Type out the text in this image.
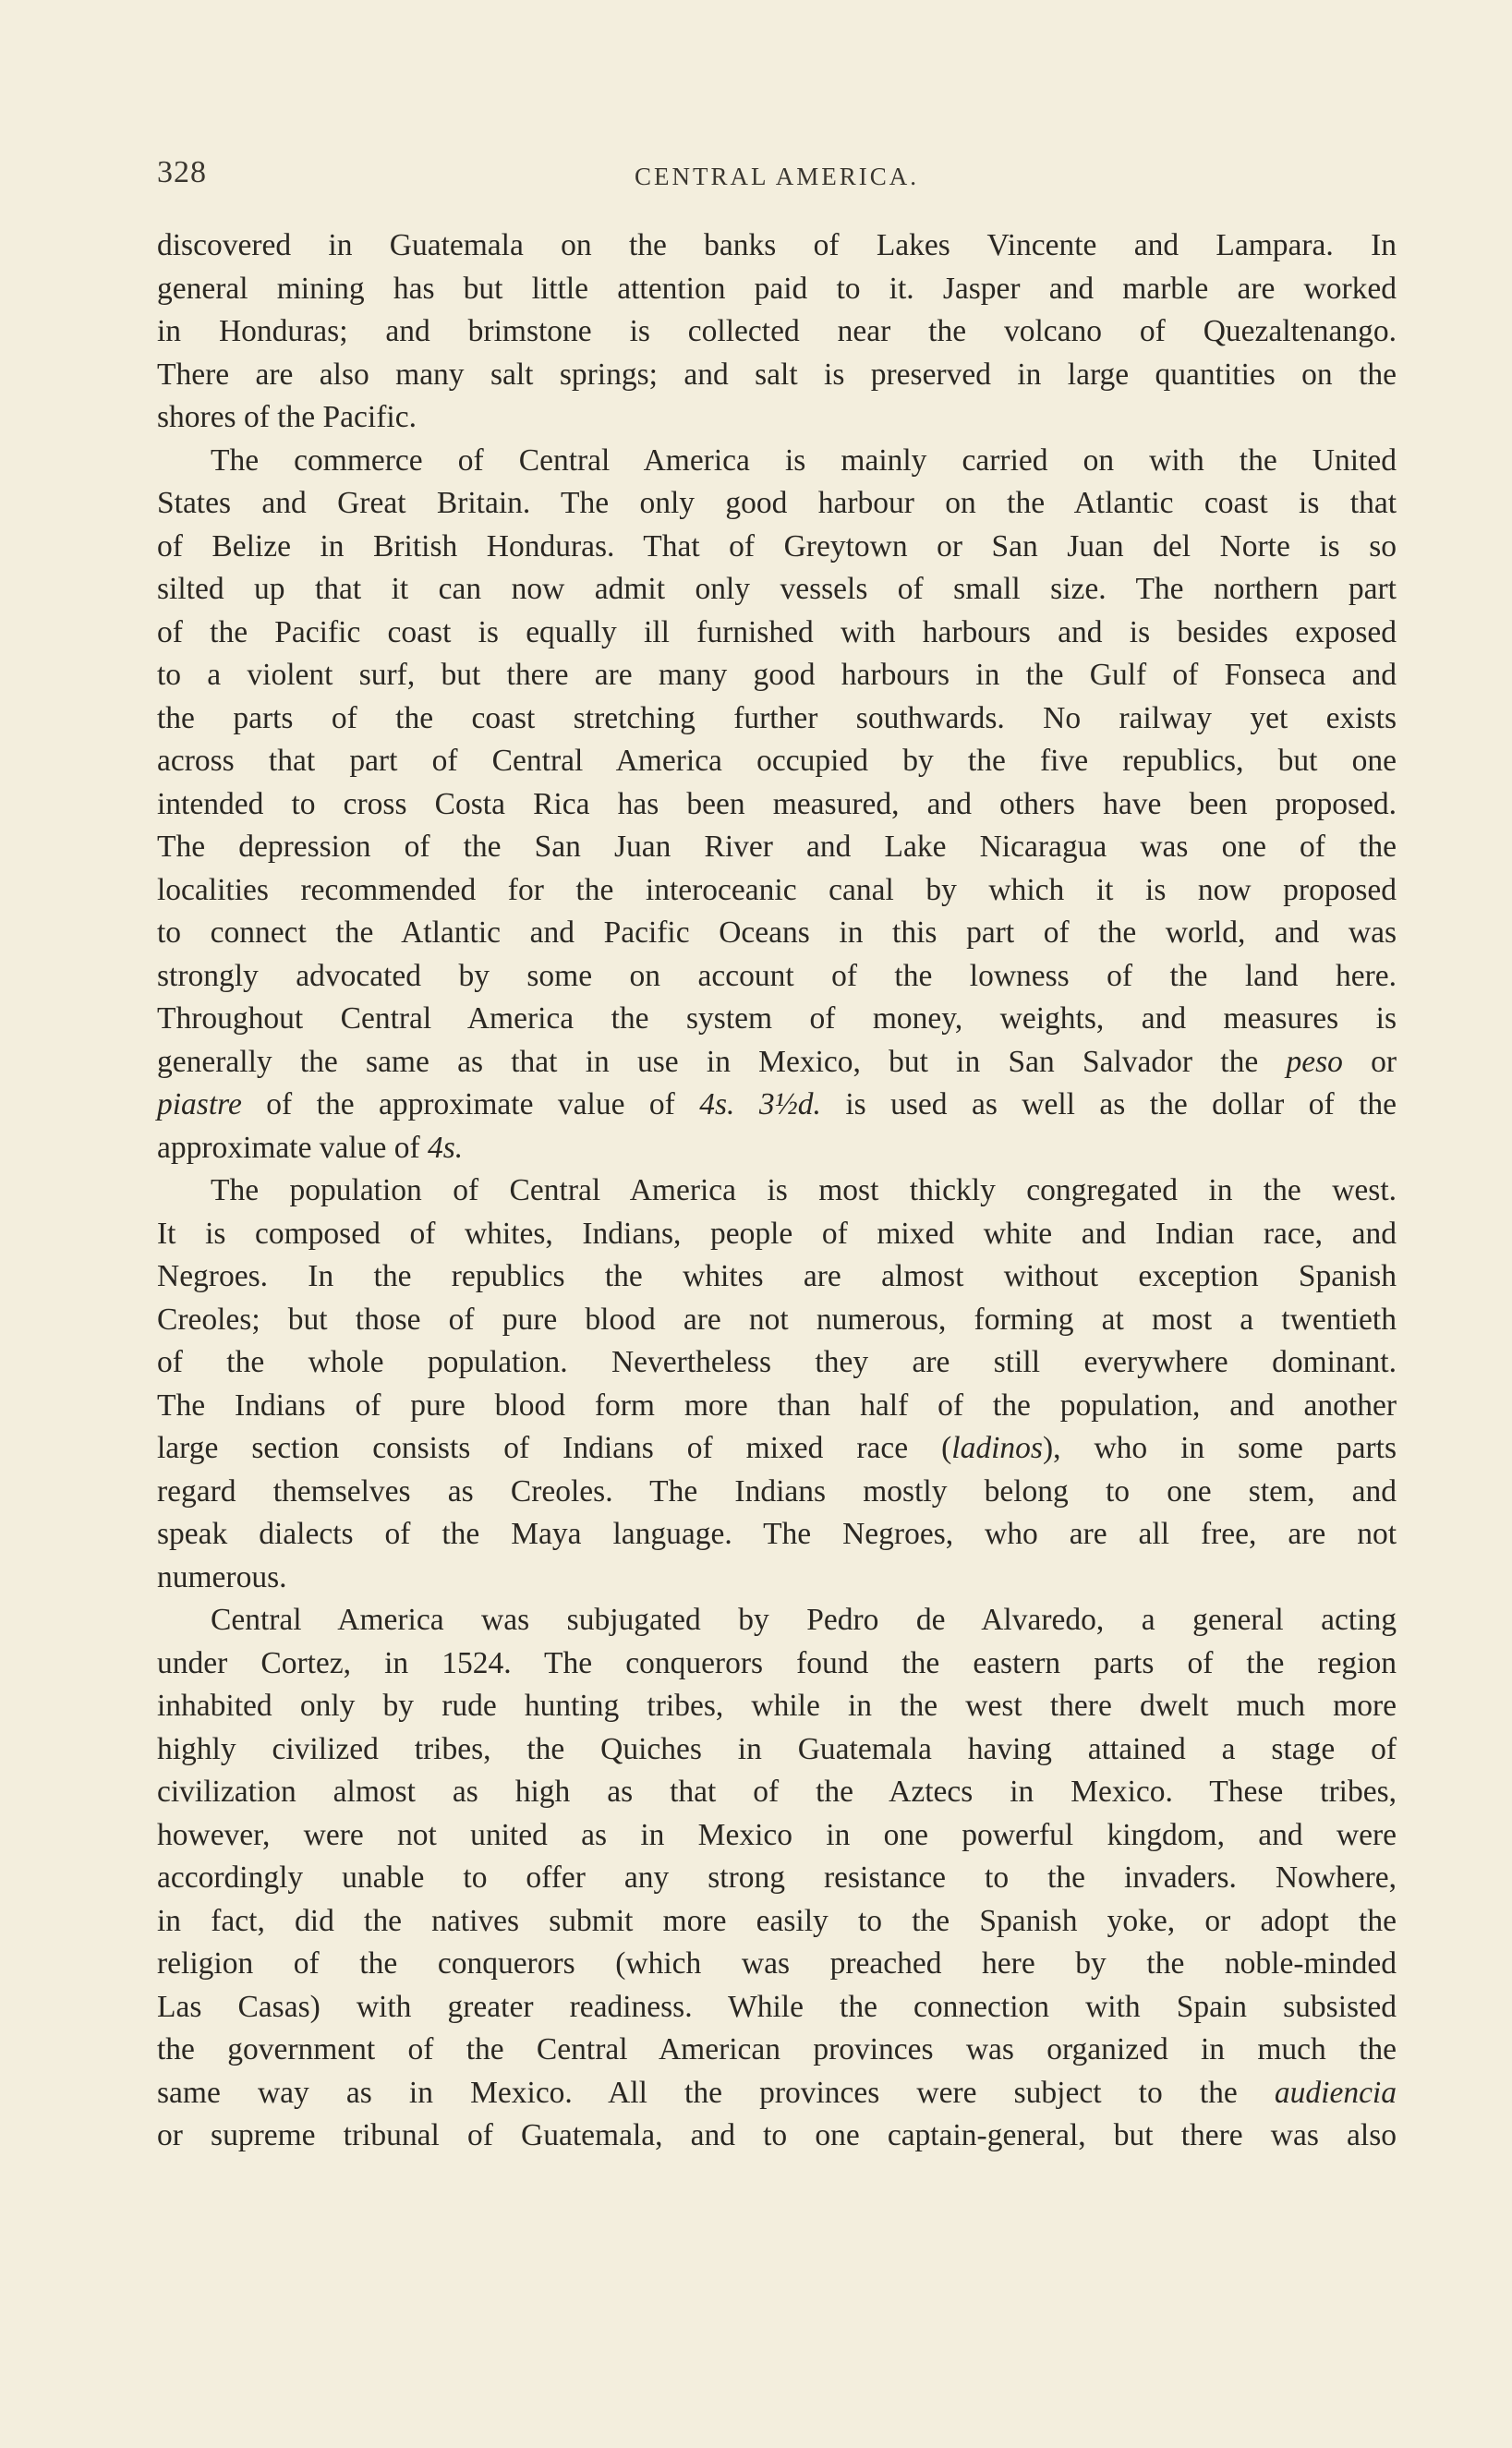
328	CENTRAL AMERICA.
discovered in Guatemala on the banks of Lakes Vincente and Lampara. In
general mining has but little attention paid to it. Jasper and marble are worked
in Honduras; and brimstone is collected near the volcano of Quezaltenango.
There are also many salt springs; and salt is preserved in large quantities on the
shores of the Pacific.
The commerce of Central America is mainly carried on with the United
States and Great Britain. The only good harbour on the Atlantic coast is that
of Belize in British Honduras. That of Greytown or San Juan del Norte is so
silted up that it can now admit only vessels of small size. The northern part
of the Pacific coast is equally ill furnished with harbours and is besides exposed
to a violent surf, but there are many good harbours in the Gulf of Fonseca and
the parts of the coast stretching further southwards. No railway yet exists
across that part of Central America occupied by the five republics, but one
intended to cross Costa Rica has been measured, and others have been proposed.
The depression of the San Juan River and Lake Nicaragua was one of the
localities recommended for the interoceanic canal by which it is now proposed
to connect the Atlantic and Pacific Oceans in this part of the world, and was
strongly advocated by some on account of the lowness of the land here.
Throughout Central America the system of money, weights, and measures is
generally the same as that in use in Mexico, but in San Salvador the peso or
piastre of the approximate value of 4s. 3½d. is used as well as the dollar of the
approximate value of 4s.
The population of Central America is most thickly congregated in the west.
It is composed of whites, Indians, people of mixed white and Indian race, and
Negroes. In the republics the whites are almost without exception Spanish
Creoles; but those of pure blood are not numerous, forming at most a twentieth
of the whole population. Nevertheless they are still everywhere dominant.
The Indians of pure blood form more than half of the population, and another
large section consists of Indians of mixed race (ladinos), who in some parts
regard themselves as Creoles. The Indians mostly belong to one stem, and
speak dialects of the Maya language. The Negroes, who are all free, are not
numerous.
Central America was subjugated by Pedro de Alvaredo, a general acting
under Cortez, in 1524. The conquerors found the eastern parts of the region
inhabited only by rude hunting tribes, while in the west there dwelt much more
highly civilized tribes, the Quiches in Guatemala having attained a stage of
civilization almost as high as that of the Aztecs in Mexico. These tribes,
however, were not united as in Mexico in one powerful kingdom, and were
accordingly unable to offer any strong resistance to the invaders. Nowhere,
in fact, did the natives submit more easily to the Spanish yoke, or adopt the
religion of the conquerors (which was preached here by the noble-minded
Las Casas) with greater readiness. While the connection with Spain subsisted
the government of the Central American provinces was organized in much the
same way as in Mexico. All the provinces were subject to the audiencia
or supreme tribunal of Guatemala, and to one captain-general, but there was also
